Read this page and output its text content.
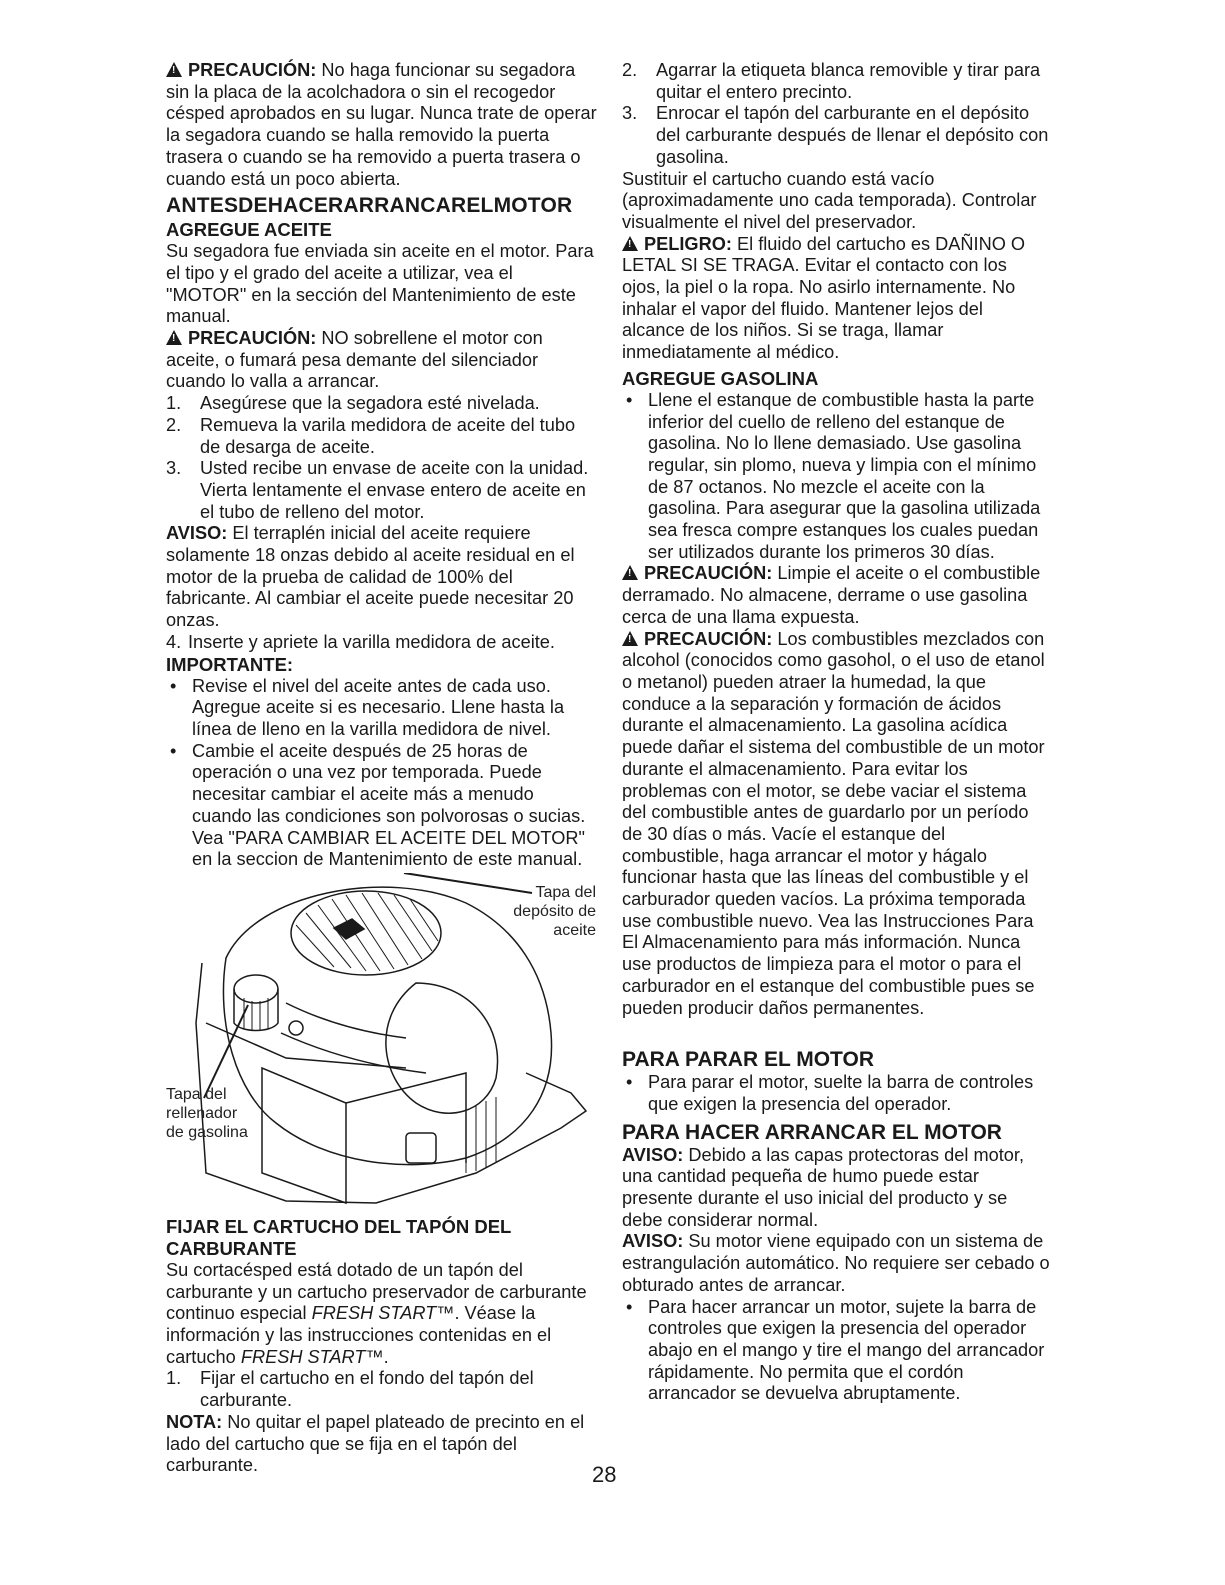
!PRECAUCIÓN: No haga funcionar su segadora sin la placa de la acolchadora o sin el recogedor césped aprobados en su lugar. Nunca trate de operar la segadora cuando se halla removido la puerta trasera o cuando se ha removido a puerta trasera o cuando está un poco abierta.

ANTESDEHACERARRANCARELMOTOR
AGREGUE ACEITE

Su segadora fue enviada sin aceite en el motor. Para el tipo y el grado del aceite a utilizar, vea el "MOTOR" en la sección del Mantenimiento de este manual.

!PRECAUCIÓN: NO sobrellene el motor con aceite, o fumará pesa demante del silenciador cuando lo valla a arrancar.

1.	Asegúrese que la segadora esté nivelada.
2.	Remueva la varila medidora de aceite del tubo de desarga de aceite.
3.	Usted recibe un envase de aceite con la unidad. Vierta lentamente el envase entero de aceite en el tubo de relleno del motor.

AVISO: El terraplén inicial del aceite requiere solamente 18 onzas debido al aceite residual en el motor de la prueba de calidad de 100% del fabricante. Al cambiar el aceite puede necesitar 20 onzas.

4. Inserte y apriete la varilla medidora de aceite.
IMPORTANTE:
• Revise el nivel del aceite antes de cada uso. Agregue aceite si es necesario. Llene hasta la línea de lleno en la varilla medidora de nivel.
• Cambie el aceite después de 25 horas de operación o una vez por temporada. Puede necesitar cambiar el aceite más a menudo cuando las condiciones son polvorosas o sucias. Vea "PARA CAMBIAR EL ACEITE DEL MOTOR" en la seccion de Mantenimiento de este manual.
Tapa del depósito de aceite
Tapa del rellenador de gasolina
FIJAR EL CARTUCHO DEL TAPÓN DEL CARBURANTE

Su cortacésped está dotado de un tapón del carburante y un cartucho preservador de carburante continuo especial FRESH START™. Véase la información y las instrucciones contenidas en el cartucho FRESH START™.

1.	Fijar el cartucho en el fondo del tapón del carburante.

NOTA: No quitar el papel plateado de precinto en el lado del cartucho que se fija en el tapón del carburante.

2.	Agarrar la etiqueta blanca removible y tirar para quitar el entero precinto.
3.	Enrocar el tapón del carburante en el depósito del carburante después de llenar el depósito con gasolina.

Sustituir el cartucho cuando está vacío (aproximadamente uno cada temporada). Controlar visualmente el nivel del preservador.

!PELIGRO: El fluido del cartucho es DAÑINO O LETAL SI SE TRAGA. Evitar el contacto con los ojos, la piel o la ropa. No asirlo internamente. No inhalar el vapor del fluido. Mantener lejos del alcance de los niños. Si se traga, llamar inmediatamente al médico.

AGREGUE GASOLINA
• Llene el estanque de combustible hasta la parte inferior del cuello de relleno del estanque de gasolina. No lo llene demasiado. Use gasolina regular, sin plomo, nueva y limpia con el mínimo de 87 octanos. No mezcle el aceite con la gasolina. Para asegurar que la gasolina utilizada sea fresca compre estanques los cuales puedan ser utilizados durante los primeros 30 días.

!PRECAUCIÓN: Limpie el aceite o el combustible derramado. No almacene, derrame o use gasolina cerca de una llama expuesta.

!PRECAUCIÓN: Los combustibles mezclados con alcohol (conocidos como gasohol, o el uso de etanol o metanol) pueden atraer la humedad, la que conduce a la separación y formación de ácidos durante el almacenamiento. La gasolina acídica puede dañar el sistema del combustible de un motor durante el almacenamiento. Para evitar los problemas con el motor, se debe vaciar el sistema del combustible antes de guardarlo por un período de 30 días o más. Vacíe el estanque del combustible, haga arrancar el motor y hágalo funcionar hasta que las líneas del combustible y el carburador queden vacíos. La próxima temporada use combustible nuevo. Vea las Instrucciones Para El Almacenamiento para más información. Nunca use productos de limpieza para el motor o para el carburador en el estanque del combustible pues se pueden producir daños permanentes.

PARA PARAR EL MOTOR
• Para parar el motor, suelte la barra de controles que exigen la presencia del operador.
PARA HACER ARRANCAR EL MOTOR

AVISO: Debido a las capas protectoras del motor, una cantidad pequeña de humo puede estar presente durante el uso inicial del producto y se debe considerar normal.

AVISO: Su motor viene equipado con un sistema de estrangulación automático. No requiere ser cebado o obturado antes de arrancar.

• Para hacer arrancar un motor, sujete la barra de controles que exigen la presencia del operador abajo en el mango y tire el mango del arrancador rápidamente. No permita que el cordón arrancador se devuelva abruptamente.
28
